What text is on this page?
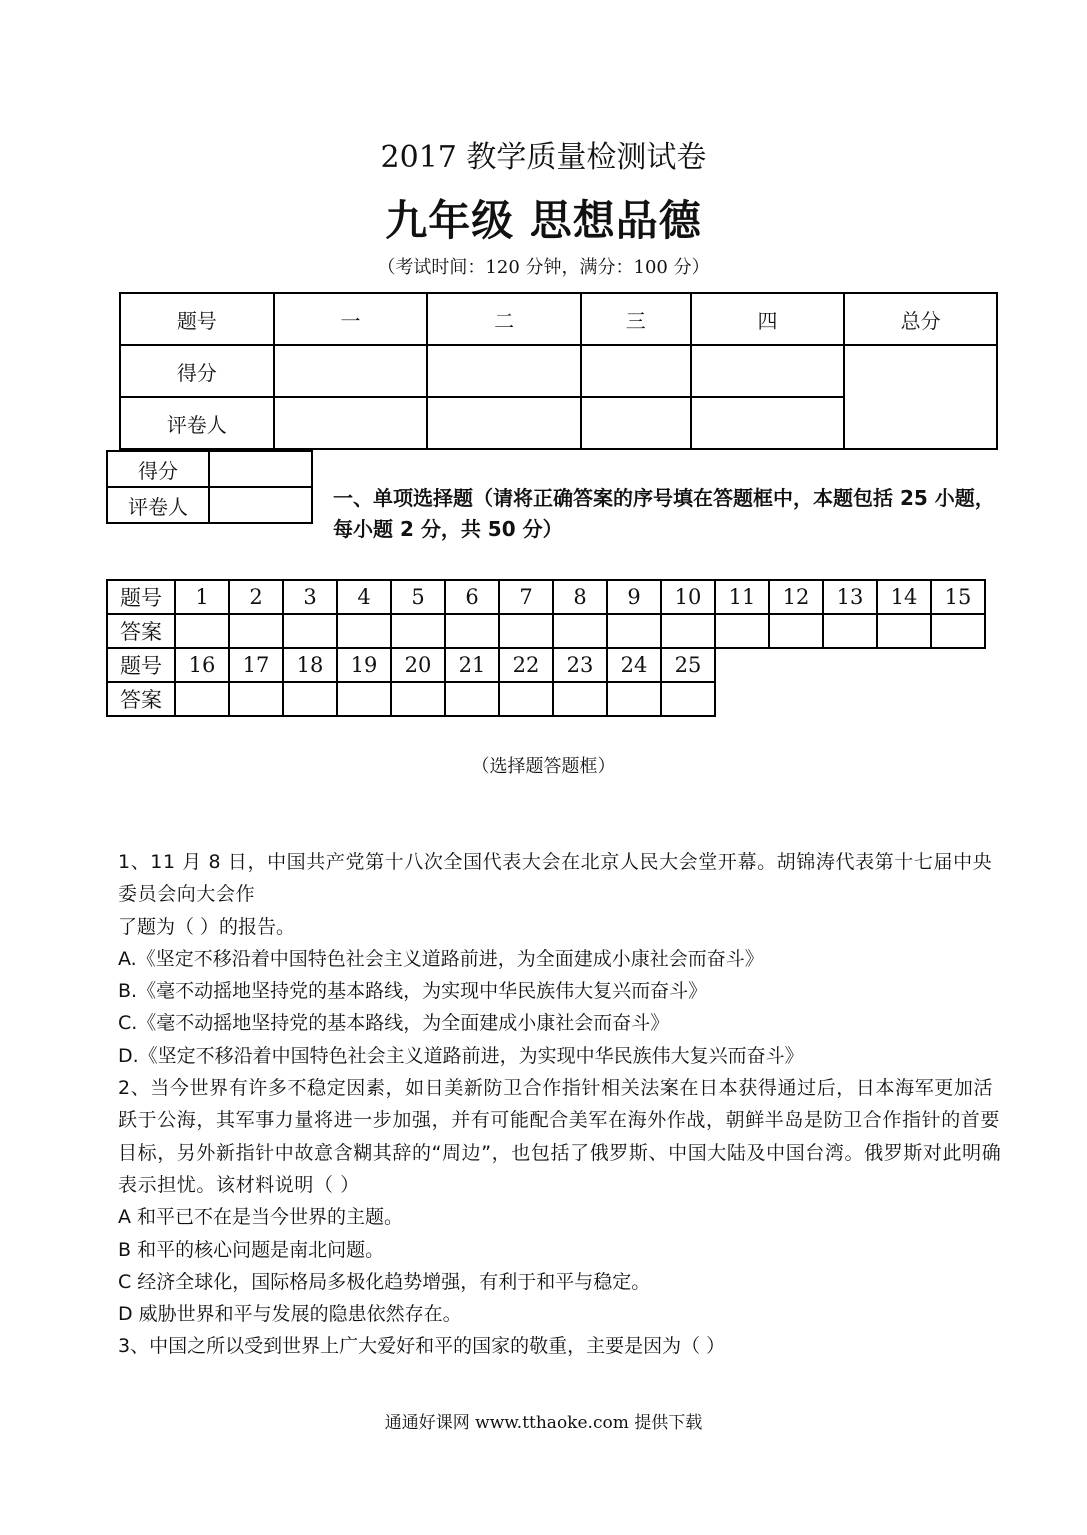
2017 教学质量检测试卷
九年级 思想品德
（考试时间：120 分钟，满分：100 分）
题号	一	二	三	四	总分
得分					
评卷人					
得分	
评卷人		一、单项选择题（请将正确答案的序号填在答题框中，本题包括 25 小题，每小题 2 分，共 50 分）
题号	1	2	3	4	5	6	7	8	9	10	11	12	13	14	15
答案															
题号	16	17	18	19	20	21	22	23	24	25					
答案															
（选择题答题框）

1、11 月 8 日，中国共产党第十八次全国代表大会在北京人民大会堂开幕。胡锦涛代表第十七届中央委员会向大会作

了题为（ ）的报告。

A.《坚定不移沿着中国特色社会主义道路前进，为全面建成小康社会而奋斗》

B.《毫不动摇地坚持党的基本路线，为实现中华民族伟大复兴而奋斗》

C.《毫不动摇地坚持党的基本路线，为全面建成小康社会而奋斗》

D.《坚定不移沿着中国特色社会主义道路前进，为实现中华民族伟大复兴而奋斗》

2、当今世界有许多不稳定因素，如日美新防卫合作指针相关法案在日本获得通过后，日本海军更加活跃于公海，其军事力量将进一步加强，并有可能配合美军在海外作战，朝鲜半岛是防卫合作指针的首要目标，另外新指针中故意含糊其辞的“周边”，也包括了俄罗斯、中国大陆及中国台湾。俄罗斯对此明确表示担忧。该材料说明（ ）

A 和平已不在是当今世界的主题。

B 和平的核心问题是南北问题。

C 经济全球化，国际格局多极化趋势增强，有利于和平与稳定。

D 威胁世界和平与发展的隐患依然存在。

3、中国之所以受到世界上广大爱好和平的国家的敬重，主要是因为（ ）

通通好课网 www.tthaoke.com 提供下载
